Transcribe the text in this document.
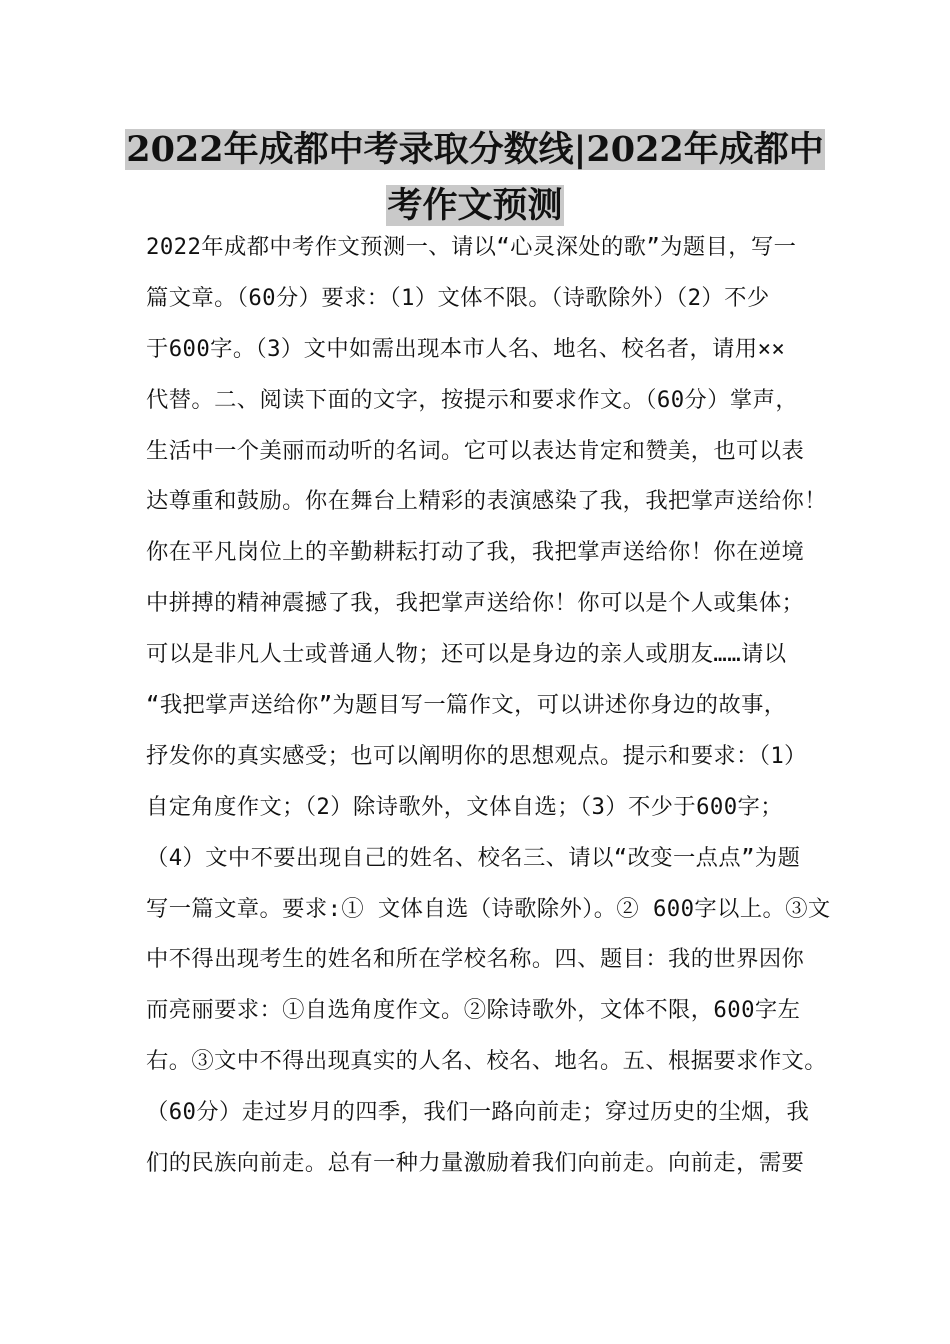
2022年成都中考录取分数线|2022年成都中
考作文预测
2022年成都中考作文预测一、请以“心灵深处的歌”为题目，写一
篇文章。（60分）要求：（1）文体不限。（诗歌除外）（2）不少
于600字。（3）文中如需出现本市人名、地名、校名者，请用××
代替。二、阅读下面的文字，按提示和要求作文。（60分）掌声，
生活中一个美丽而动听的名词。它可以表达肯定和赞美，也可以表
达尊重和鼓励。你在舞台上精彩的表演感染了我，我把掌声送给你！
你在平凡岗位上的辛勤耕耘打动了我，我把掌声送给你！你在逆境
中拼搏的精神震撼了我，我把掌声送给你！你可以是个人或集体；
可以是非凡人士或普通人物；还可以是身边的亲人或朋友……请以
“我把掌声送给你”为题目写一篇作文，可以讲述你身边的故事，
抒发你的真实感受；也可以阐明你的思想观点。提示和要求：（1）
自定角度作文；（2）除诗歌外，文体自选；（3）不少于600字；
（4）文中不要出现自己的姓名、校名三、请以“改变一点点”为题
写一篇文章。要求:① 文体自选（诗歌除外）。② 600字以上。③文
中不得出现考生的姓名和所在学校名称。四、题目：我的世界因你
而亮丽要求：①自选角度作文。②除诗歌外，文体不限，600字左
右。③文中不得出现真实的人名、校名、地名。五、根据要求作文。
（60分）走过岁月的四季，我们一路向前走；穿过历史的尘烟，我
们的民族向前走。总有一种力量激励着我们向前走。向前走，需要
